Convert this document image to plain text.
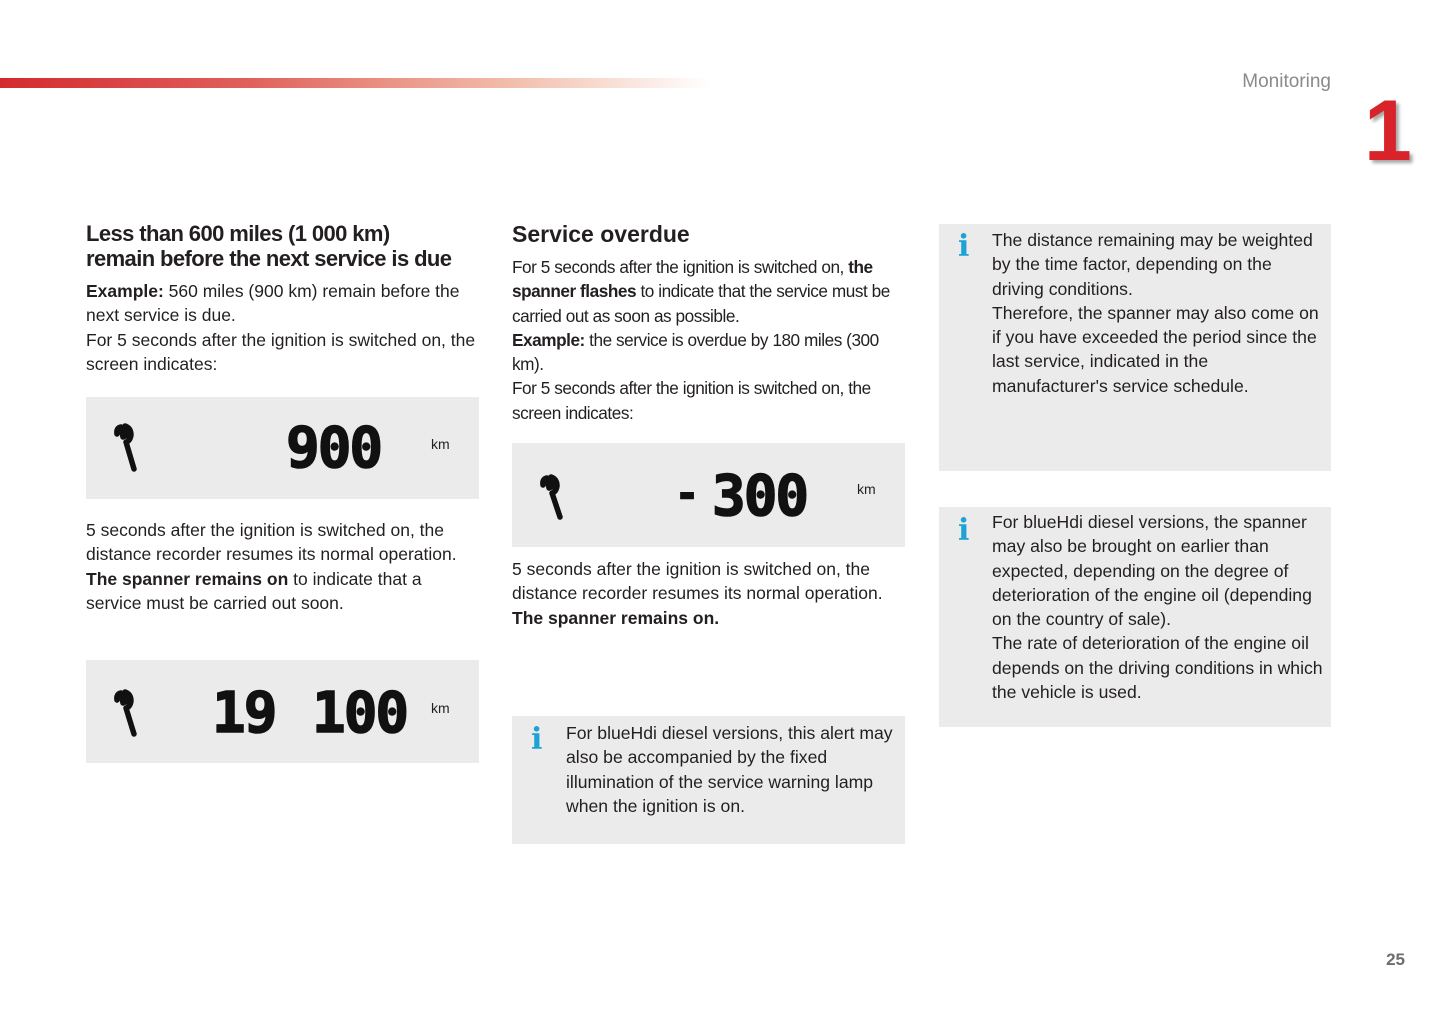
Monitoring
1
Less than 600 miles (1 000 km)
remain before the next service is due

Example: 560 miles (900 km) remain before the next service is due.
For 5 seconds after the ignition is switched on, the screen indicates:

900	km

5 seconds after the ignition is switched on, the distance recorder resumes its normal operation. The spanner remains on to indicate that a service must be carried out soon.

19 100 km
Service overdue

For 5 seconds after the ignition is switched on, the spanner flashes to indicate that the service must be carried out as soon as possible.
Example: the service is overdue by 180 miles (300 km).
For 5 seconds after the ignition is switched on, the screen indicates:

- 300	km

5 seconds after the ignition is switched on, the distance recorder resumes its normal operation. The spanner remains on.

i For blueHdi diesel versions, this alert may also be accompanied by the fixed illumination of the service warning lamp when the ignition is on.

i The distance remaining may be weighted by the time factor, depending on the driving conditions.
Therefore, the spanner may also come on if you have exceeded the period since the last service, indicated in the manufacturer's service schedule.

i For blueHdi diesel versions, the spanner may also be brought on earlier than expected, depending on the degree of deterioration of the engine oil (depending on the country of sale).
The rate of deterioration of the engine oil depends on the driving conditions in which the vehicle is used.

25
